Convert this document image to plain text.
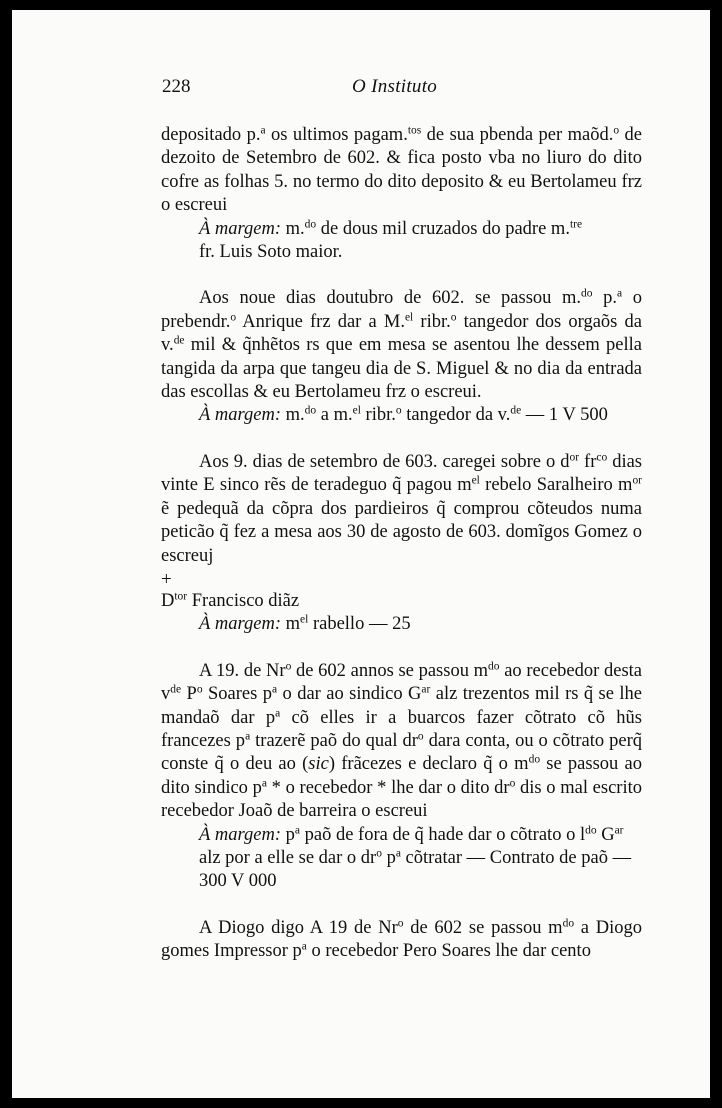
228	O Instituto

depositado p.$^a$ os ultimos pagam.$^{tos}$ de sua pbenda per maõd.$^o$ de dezoito de Setembro de 602. & fica posto vba no liuro do dito cofre as folhas 5. no termo do dito deposito & eu Bertolameu frz o escreui

À margem: m.$^{do}$ de dous mil cruzados do padre m.$^{tre}$
fr. Luis Soto maior.

Aos noue dias doutubro de 602. se passou m.$^{do}$ p.$^a$ o prebendr.$^o$ Anrique frz dar a M.$^{el}$ ribr.$^o$ tangedor dos orgaõs da v.$^{de}$ mil & q̃nhẽtos rs que em mesa se asentou lhe dessem pella tangida da arpa que tangeu dia de S. Miguel & no dia da entrada das escollas & eu Bertolameu frz o escreui.

À margem: m.$^{do}$ a m.$^{el}$ ribr.$^o$ tangedor da v.$^{de}$ — 1 V 500

Aos 9. dias de setembro de 603. caregei sobre o $d^{or}$ $fr^{co}$ dias vinte E sinco rẽs de teradeguo q̃ pagou $m^{el}$ rebelo Saralheiro $m^{or}$ ẽ pedequã da cõpra dos pardieiros q̃ comprou cõteudos numa peticão q̃ fez a mesa aos 30 de agosto de 603. domĩgos Gomez o escreuj

+

$D^{tor}$ Francisco diãz

À margem: $m^{el}$ rabello — 25

A 19. de Nr$^o$ de 602 annos se passou $m^{do}$ ao recebedor desta $v^{de}$ $P^o$ Soares $p^a$ o dar ao sindico $G^{ar}$ alz trezentos mil rs q̃ se lhe mandaõ dar $p^a$ cõ elles ir a buarcos fazer cõtrato cõ hũs francezes $p^a$ trazerẽ paõ do qual $dr^o$ dara conta, ou o cõtrato perq̃ conste q̃ o deu ao (sic) frãcezes e declaro q̃ o $m^{do}$ se passou ao dito sindico $p^a$ * o recebedor * lhe dar o dito $dr^o$ dis o mal escrito recebedor Joaõ de barreira o escreui

À margem: $p^a$ paõ de fora de q̃ hade dar o cõtrato o $l^{do}$ $G^{ar}$ alz por a elle se dar o $dr^o$ $p^a$ cõtratar — Contrato de paõ — 300 V 000

A Diogo digo A 19 de Nr$^o$ de 602 se passou $m^{do}$ a Diogo gomes Impressor $p^a$ o recebedor Pero Soares lhe dar cento
